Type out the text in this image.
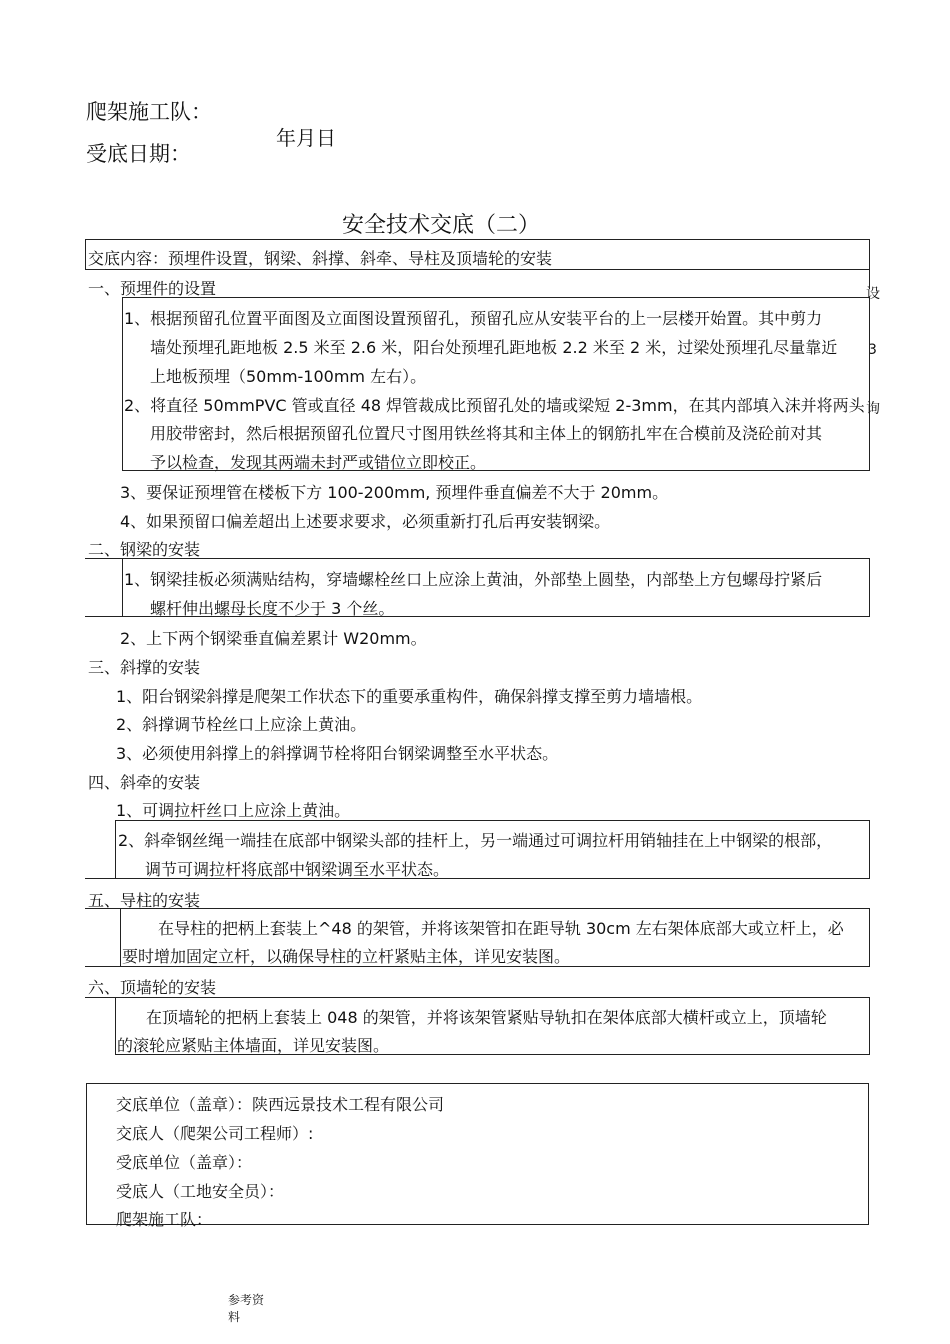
爬架施工队：
受底日期：
年月日
安全技术交底（二）
设
3
询
交底内容：预埋件设置，钢梁、斜撑、斜牵、导柱及顶墙轮的安装
一、预埋件的设置
1、根据预留孔位置平面图及立面图设置预留孔，预留孔应从安装平台的上一层楼开始置。其中剪力
墙处预埋孔距地板 2.5 米至 2.6 米，阳台处预埋孔距地板 2.2 米至 2 米，过梁处预埋孔尽量靠近
上地板预埋（50mm-100mm 左右）。
2、将直径 50mmPVC 管或直径 48 焊管裁成比预留孔处的墙或梁短 2-3mm，在其内部填入沫并将两头
用胶带密封，然后根据预留孔位置尺寸图用铁丝将其和主体上的钢筋扎牢在合模前及浇砼前对其
予以检查，发现其两端未封严或错位立即校正。
3、要保证预埋管在楼板下方 100-200mm, 预埋件垂直偏差不大于 20mm。
4、如果预留口偏差超出上述要求要求，必须重新打孔后再安装钢梁。
二、钢梁的安装
1、钢梁挂板必须满贴结构，穿墙螺栓丝口上应涂上黄油，外部垫上圆垫，内部垫上方包螺母拧紧后
螺杆伸出螺母长度不少于 3 个丝。
2、上下两个钢梁垂直偏差累计 W20mm。
三、斜撑的安装
1、阳台钢梁斜撑是爬架工作状态下的重要承重构件，确保斜撑支撑至剪力墙墙根。
2、斜撑调节栓丝口上应涂上黄油。
3、必须使用斜撑上的斜撑调节栓将阳台钢梁调整至水平状态。
四、斜牵的安装
1、可调拉杆丝口上应涂上黄油。
2、斜牵钢丝绳一端挂在底部中钢梁头部的挂杆上，另一端通过可调拉杆用销轴挂在上中钢梁的根部，
调节可调拉杆将底部中钢梁调至水平状态。
五、导柱的安装
在导柱的把柄上套装上^48 的架管，并将该架管扣在距导轨 30cm 左右架体底部大或立杆上，必
要时增加固定立杆，以确保导柱的立杆紧贴主体，详见安装图。
六、顶墙轮的安装
在顶墙轮的把柄上套装上 048 的架管，并将该架管紧贴导轨扣在架体底部大横杆或立上，顶墙轮
的滚轮应紧贴主体墙面，详见安装图。
交底单位（盖章）：陕西远景技术工程有限公司
交底人（爬架公司工程师）:
受底单位（盖章）：
受底人（工地安全员）：
爬架施工队：
参考资
料
